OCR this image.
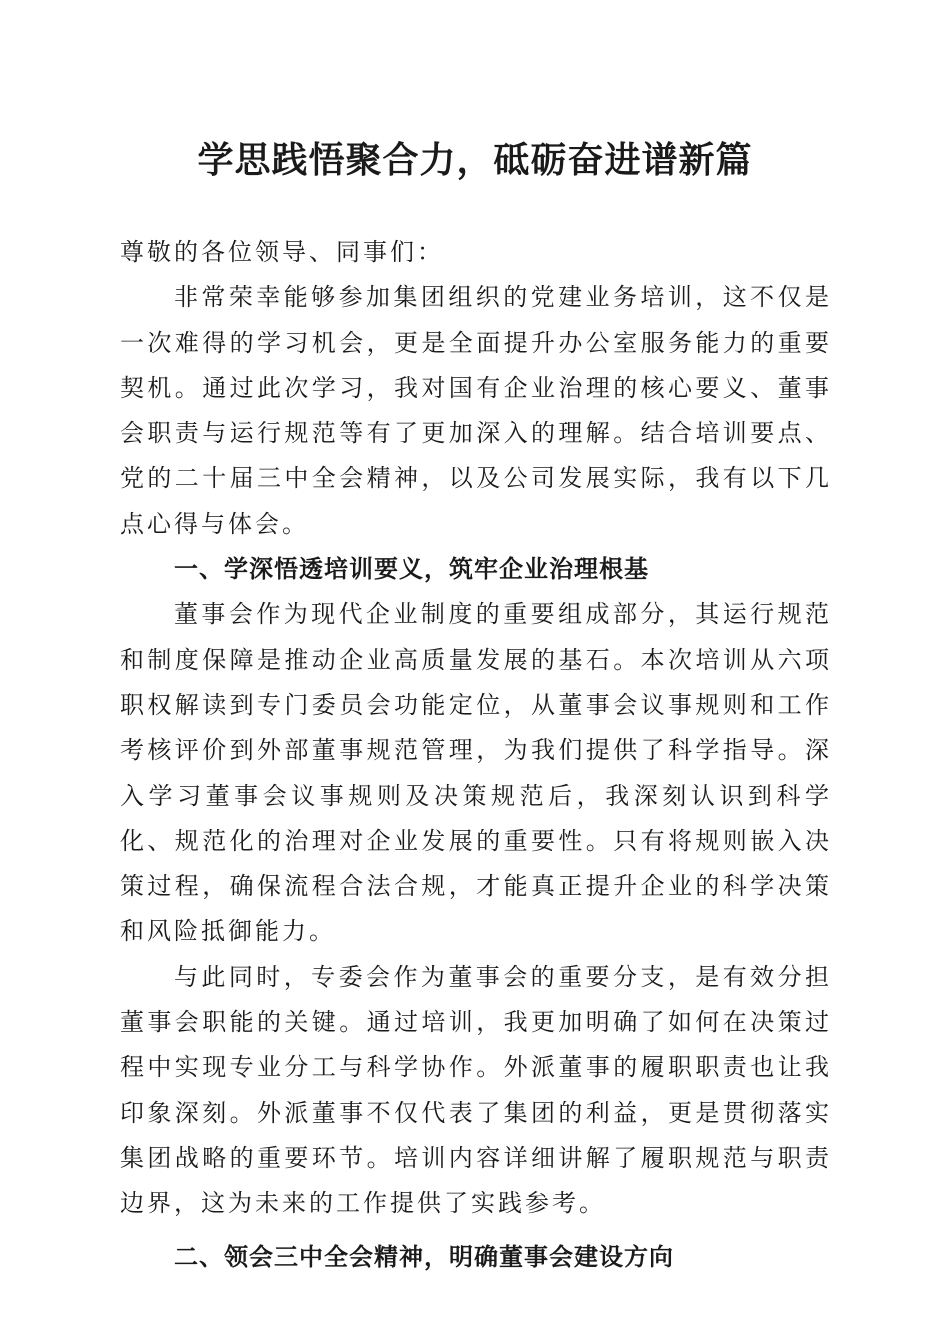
学思践悟聚合力，砥砺奋进谱新篇

尊敬的各位领导、同事们：

非常荣幸能够参加集团组织的党建业务培训，这不仅是一次难得的学习机会，更是全面提升办公室服务能力的重要契机。通过此次学习，我对国有企业治理的核心要义、董事会职责与运行规范等有了更加深入的理解。结合培训要点、党的二十届三中全会精神，以及公司发展实际，我有以下几点心得与体会。

一、学深悟透培训要义，筑牢企业治理根基

董事会作为现代企业制度的重要组成部分，其运行规范和制度保障是推动企业高质量发展的基石。本次培训从六项职权解读到专门委员会功能定位，从董事会议事规则和工作考核评价到外部董事规范管理，为我们提供了科学指导。深入学习董事会议事规则及决策规范后，我深刻认识到科学化、规范化的治理对企业发展的重要性。只有将规则嵌入决策过程，确保流程合法合规，才能真正提升企业的科学决策和风险抵御能力。

与此同时，专委会作为董事会的重要分支，是有效分担董事会职能的关键。通过培训，我更加明确了如何在决策过程中实现专业分工与科学协作。外派董事的履职职责也让我印象深刻。外派董事不仅代表了集团的利益，更是贯彻落实集团战略的重要环节。培训内容详细讲解了履职规范与职责边界，这为未来的工作提供了实践参考。

二、领会三中全会精神，明确董事会建设方向
